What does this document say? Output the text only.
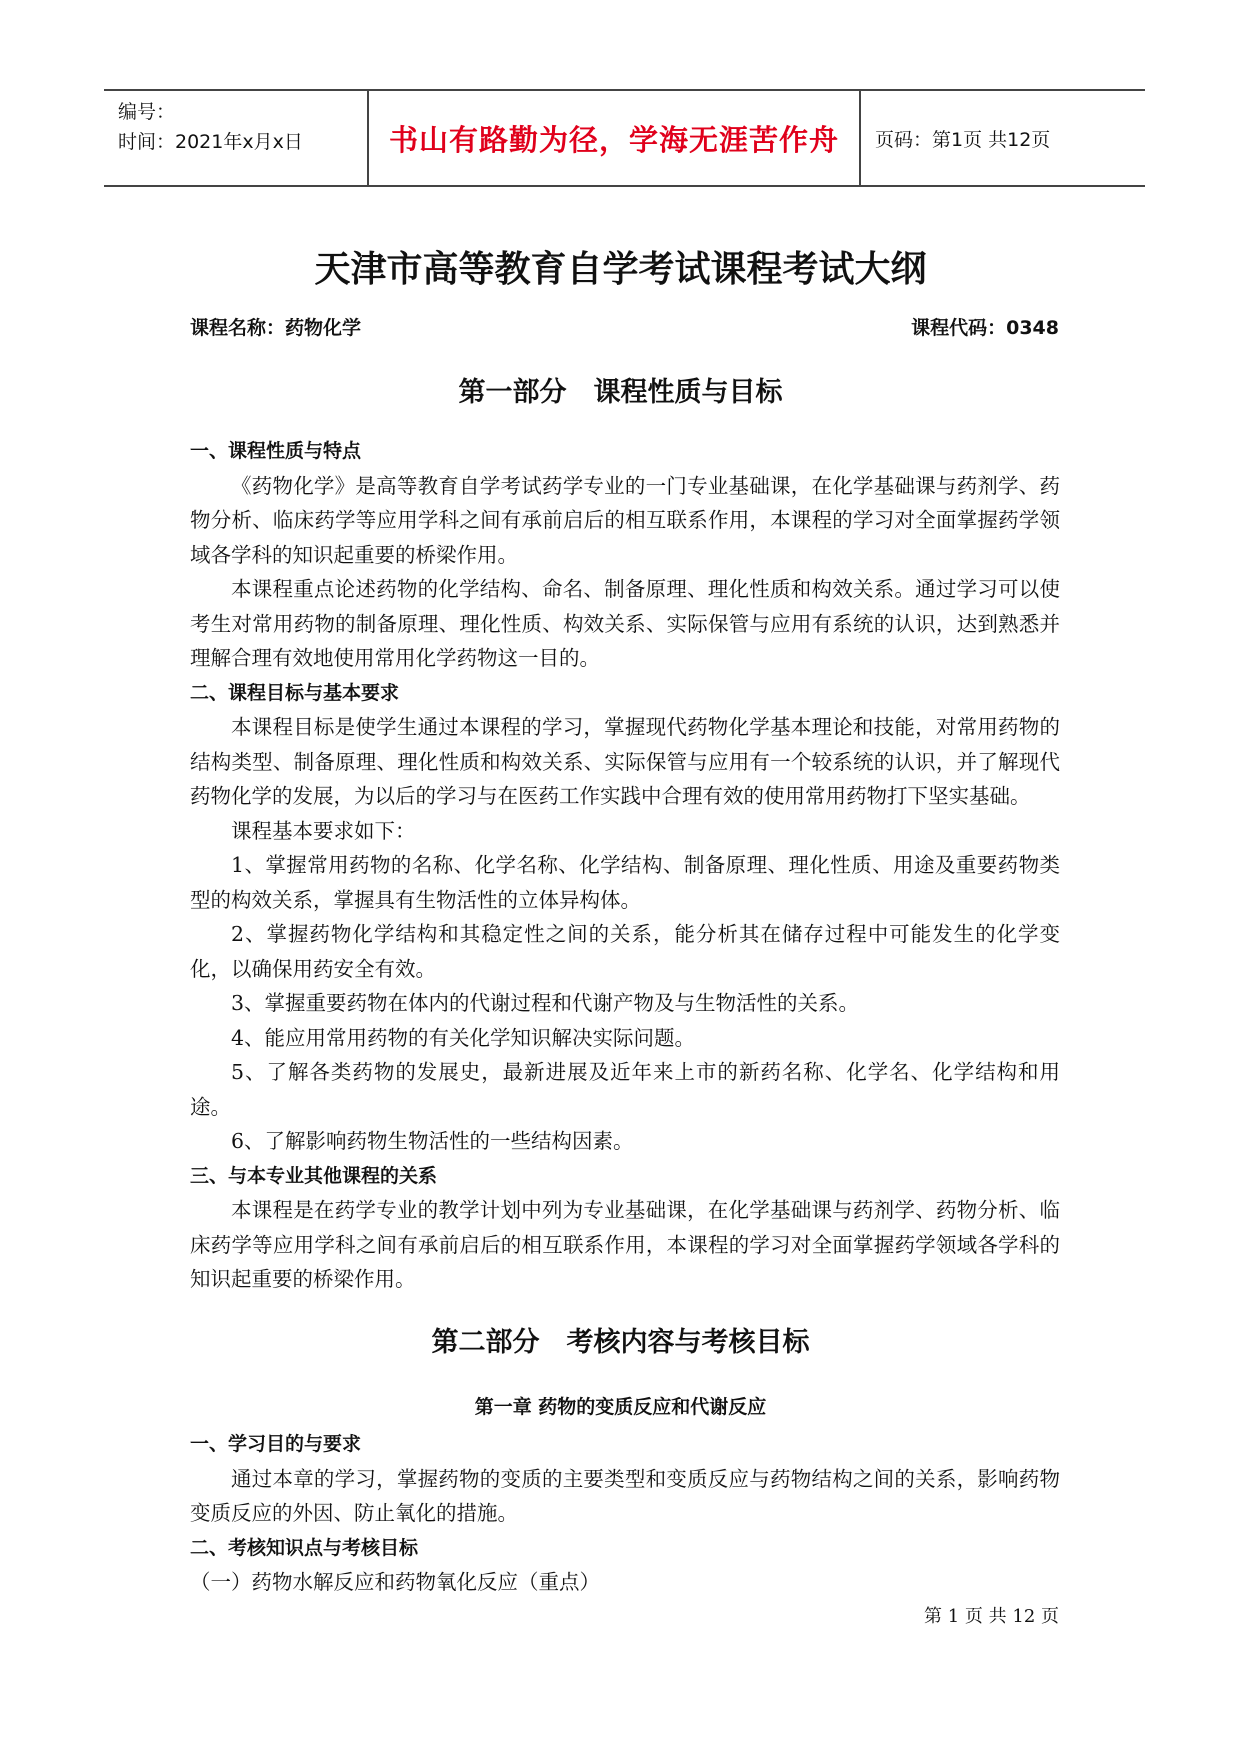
编号：
时间：2021年x月x日	书山有路勤为径，学海无涯苦作舟	页码：第1页 共12页
天津市高等教育自学考试课程考试大纲
课程名称：药物化学	课程代码：0348
第一部分　课程性质与目标
一、课程性质与特点

《药物化学》是高等教育自学考试药学专业的一门专业基础课，在化学基础课与药剂学、药物分析、临床药学等应用学科之间有承前启后的相互联系作用，本课程的学习对全面掌握药学领域各学科的知识起重要的桥梁作用。

本课程重点论述药物的化学结构、命名、制备原理、理化性质和构效关系。通过学习可以使考生对常用药物的制备原理、理化性质、构效关系、实际保管与应用有系统的认识，达到熟悉并理解合理有效地使用常用化学药物这一目的。

二、课程目标与基本要求

本课程目标是使学生通过本课程的学习，掌握现代药物化学基本理论和技能，对常用药物的结构类型、制备原理、理化性质和构效关系、实际保管与应用有一个较系统的认识，并了解现代药物化学的发展，为以后的学习与在医药工作实践中合理有效的使用常用药物打下坚实基础。

课程基本要求如下：

1、掌握常用药物的名称、化学名称、化学结构、制备原理、理化性质、用途及重要药物类型的构效关系，掌握具有生物活性的立体异构体。

2、掌握药物化学结构和其稳定性之间的关系，能分析其在储存过程中可能发生的化学变化，以确保用药安全有效。

3、掌握重要药物在体内的代谢过程和代谢产物及与生物活性的关系。

4、能应用常用药物的有关化学知识解决实际问题。

5、了解各类药物的发展史，最新进展及近年来上市的新药名称、化学名、化学结构和用途。

6、了解影响药物生物活性的一些结构因素。

三、与本专业其他课程的关系

本课程是在药学专业的教学计划中列为专业基础课，在化学基础课与药剂学、药物分析、临床药学等应用学科之间有承前启后的相互联系作用，本课程的学习对全面掌握药学领域各学科的知识起重要的桥梁作用。

第二部分　考核内容与考核目标
第一章 药物的变质反应和代谢反应
一、学习目的与要求

通过本章的学习，掌握药物的变质的主要类型和变质反应与药物结构之间的关系，影响药物变质反应的外因、防止氧化的措施。

二、考核知识点与考核目标

（一）药物水解反应和药物氧化反应（重点）

第 1 页 共 12 页
